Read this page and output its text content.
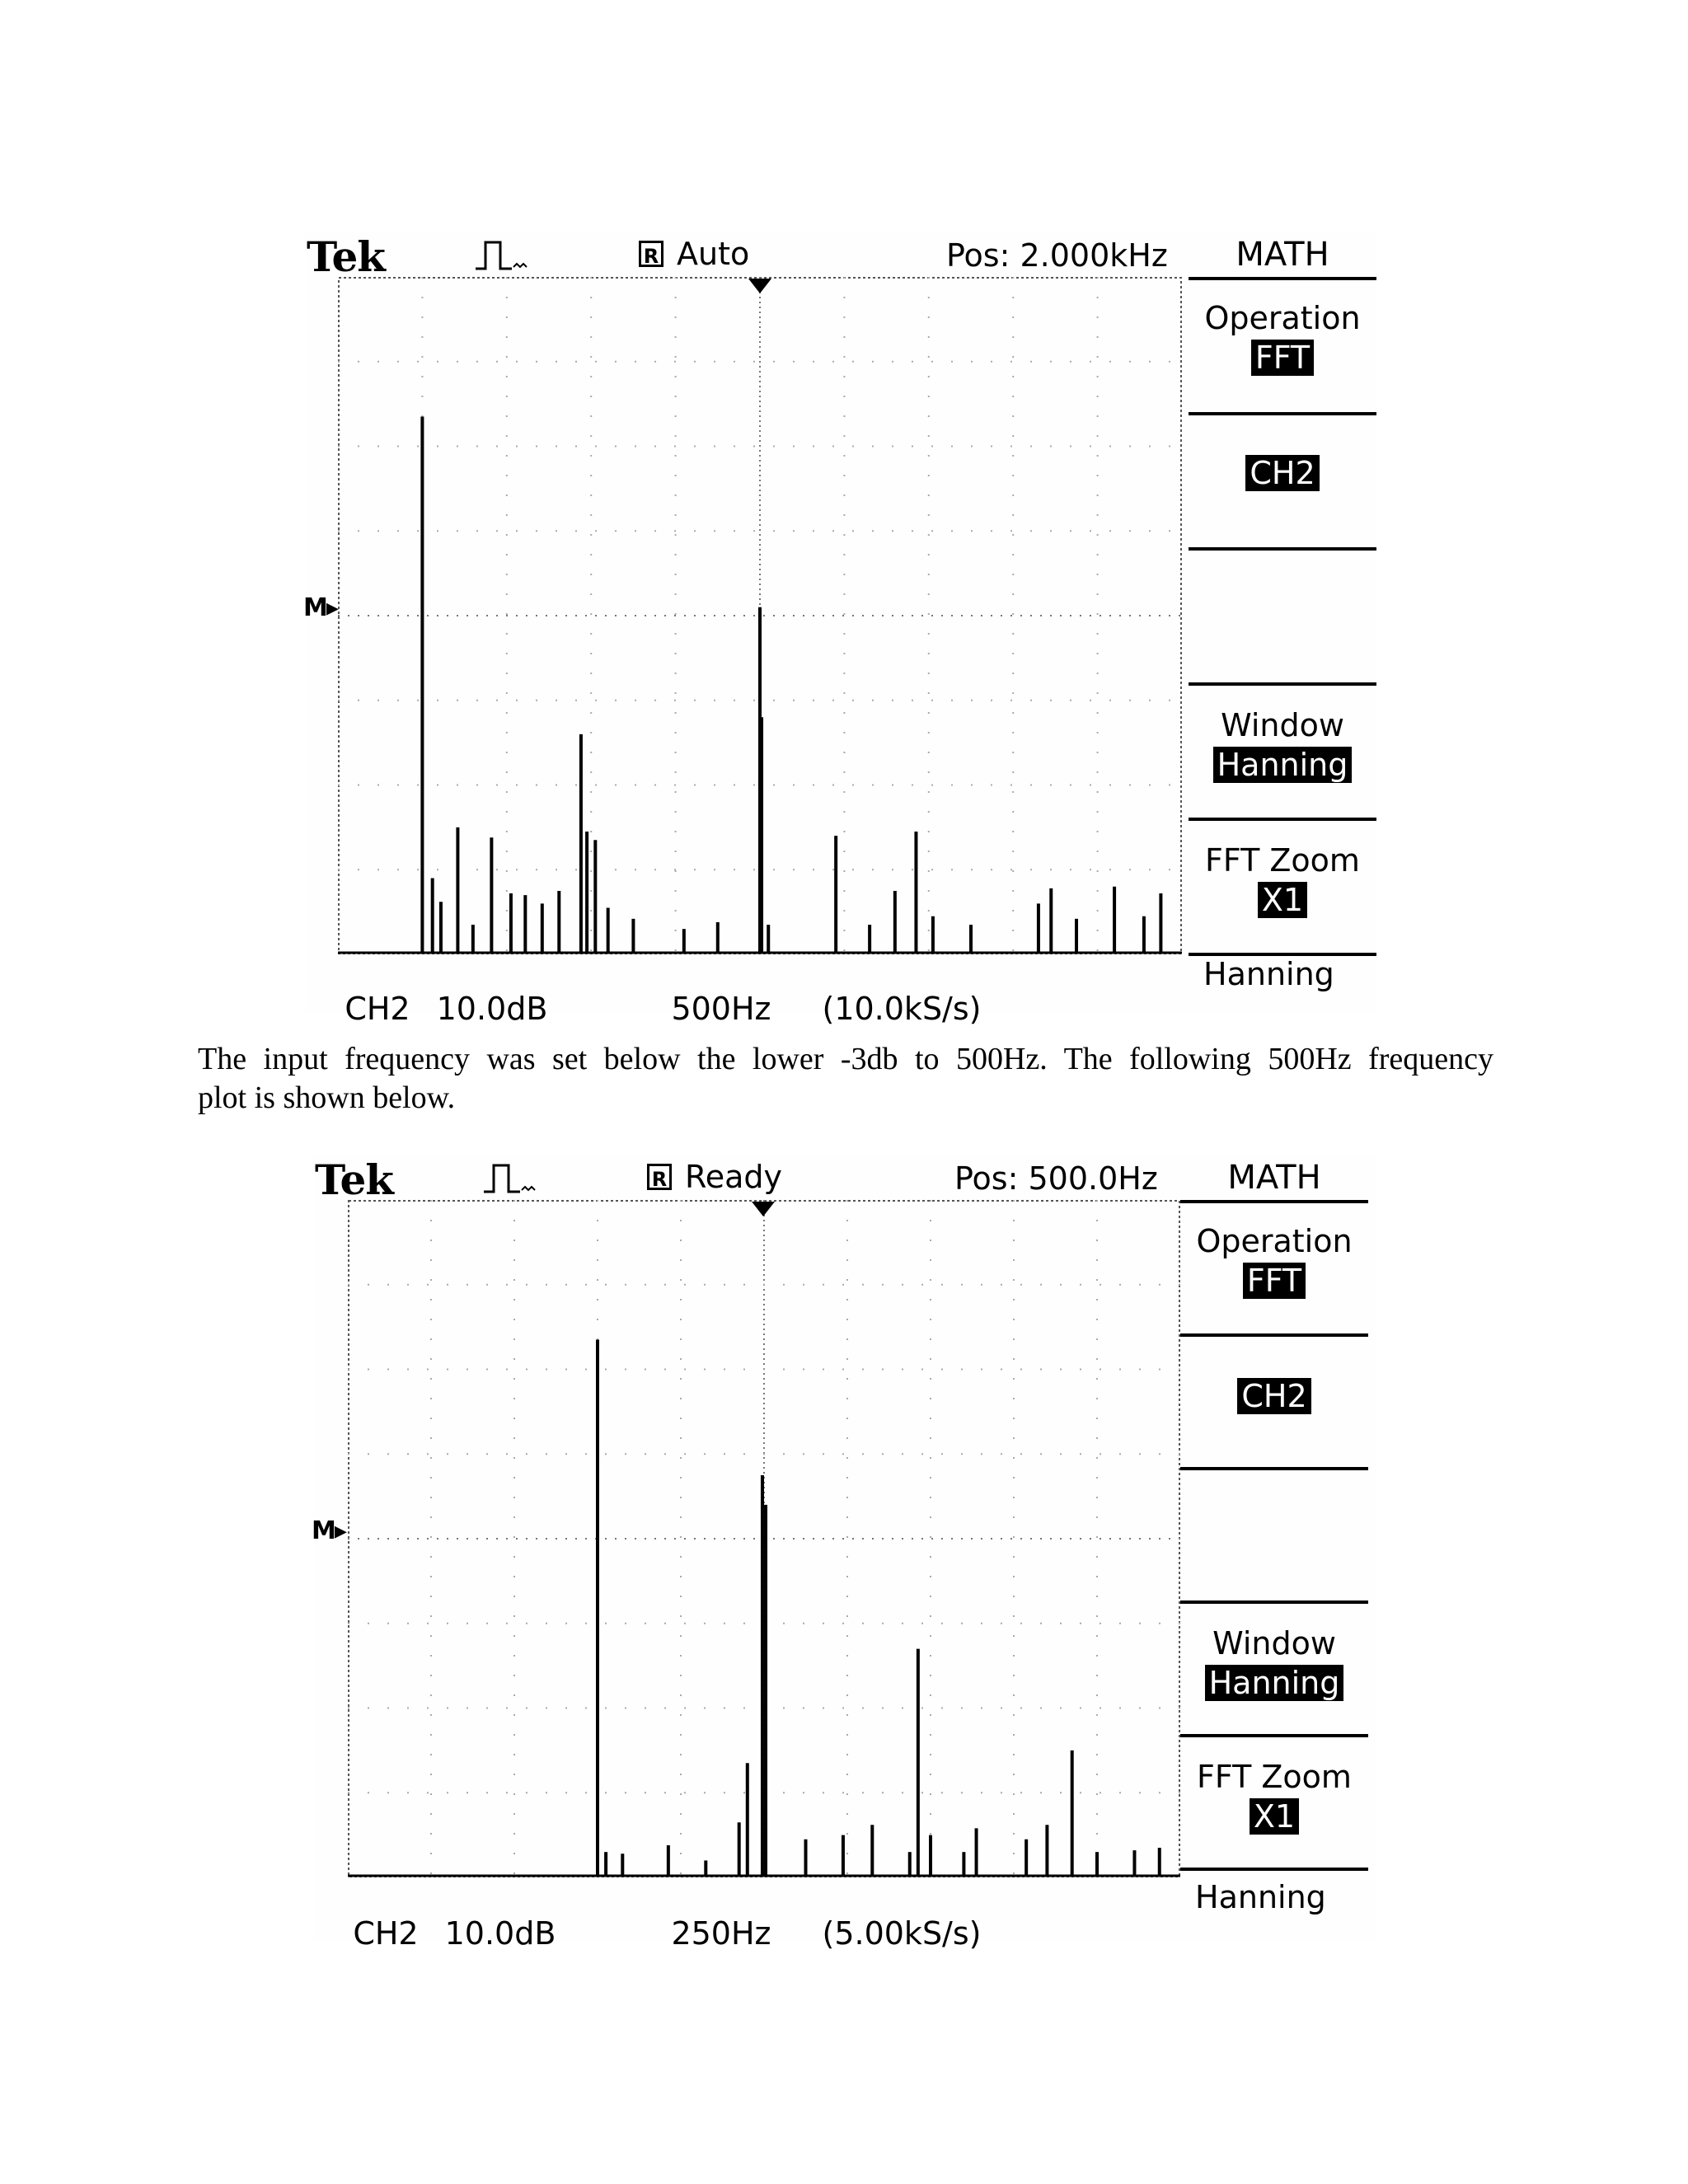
Tek	R Auto	Pos: 2.000kHz
M▸

CH2 10.0dB	500Hz (10.0kS/s)

MATH
Operation
FFT
CH2
Window
Hanning
FFT Zoom
X1
Hanning
The input frequency was set below the lower -3db to 500Hz. The following 500Hz frequency
plot is shown below.
Tek	R Ready	Pos: 500.0Hz
M▸

CH2 10.0dB	250Hz (5.00kS/s)

MATH
Operation
FFT
CH2
Window
Hanning
FFT Zoom
X1
Hanning
